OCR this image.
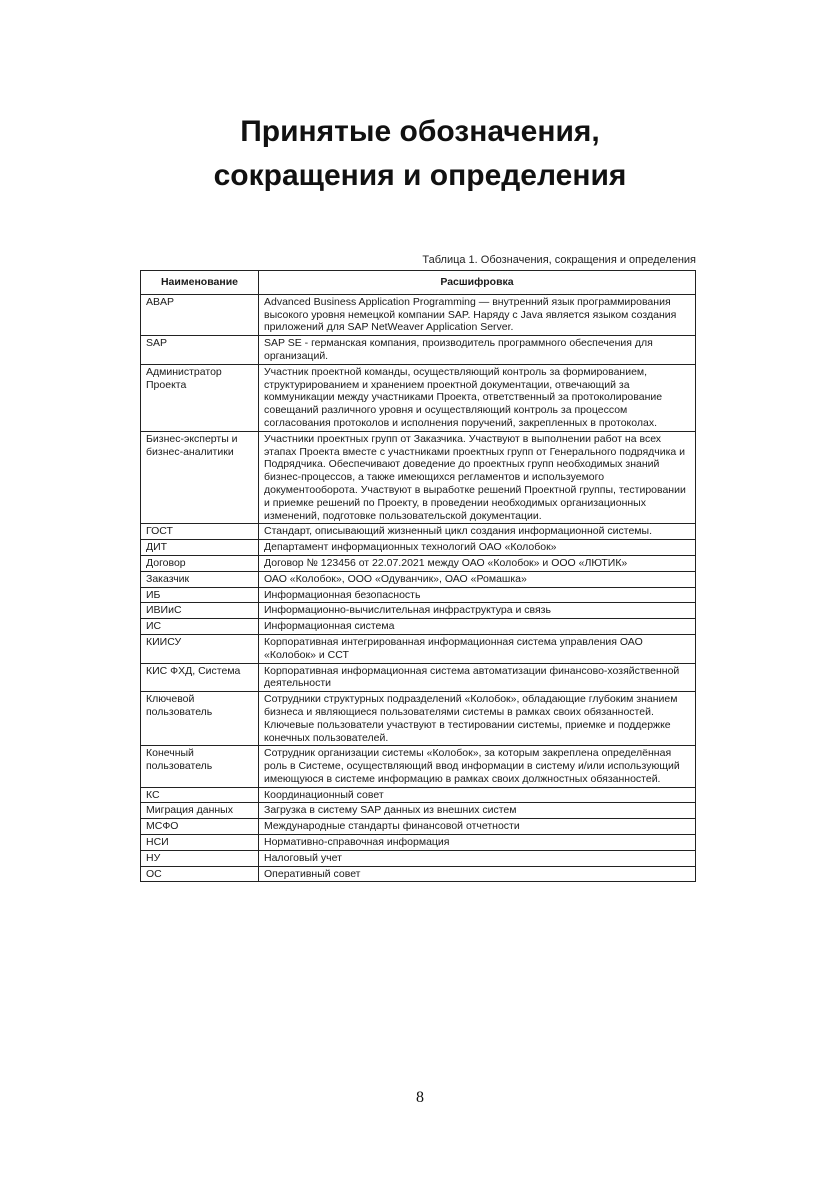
Принятые обозначения,
сокращения и определения
Таблица 1. Обозначения, сокращения и определения
Наименование	Расшифровка
ABAP	Advanced Business Application Programming — внутренний язык программирования высокого уровня немецкой компании SAP. Наряду с Java является языком создания приложений для SAP NetWeaver Application Server.
SAP	SAP SE - германская компания, производитель программного обеспечения для организаций.
Администратор Проекта	Участник проектной команды, осуществляющий контроль за формированием, структурированием и хранением проектной документации, отвечающий за коммуникации между участниками Проекта, ответственный за протоколирование совещаний различного уровня и осуществляющий контроль за процессом согласования протоколов и исполнения поручений, закрепленных в протоколах.
Бизнес-эксперты и бизнес-аналитики	Участники проектных групп от Заказчика. Участвуют в выполнении работ на всех этапах Проекта вместе с участниками проектных групп от Генерального подрядчика и Подрядчика. Обеспечивают доведение до проектных групп необходимых знаний бизнес-процессов, а также имеющихся регламентов и используемого документооборота. Участвуют в выработке решений Проектной группы, тестировании и приемке решений по Проекту, в проведении необходимых организационных изменений, подготовке пользовательской документации.
ГОСТ	Стандарт, описывающий жизненный цикл создания информационной системы.
ДИТ	Департамент информационных технологий ОАО «Колобок»
Договор	Договор № 123456 от 22.07.2021 между ОАО «Колобок» и ООО «ЛЮТИК»
Заказчик	ОАО «Колобок», ООО «Одуванчик», ОАО «Ромашка»
ИБ	Информационная безопасность
ИВИиС	Информационно-вычислительная инфраструктура и связь
ИС	Информационная система
КИИСУ	Корпоративная интегрированная информационная система управления ОАО «Колобок» и ССТ
КИС ФХД, Система	Корпоративная информационная система автоматизации финансово-хозяйственной деятельности
Ключевой пользователь	Сотрудники структурных подразделений «Колобок», обладающие глубоким знанием бизнеса и являющиеся пользователями системы в рамках своих обязанностей. Ключевые пользователи участвуют в тестировании системы, приемке и поддержке конечных пользователей.
Конечный пользователь	Сотрудник организации системы «Колобок», за которым закреплена определённая роль в Системе, осуществляющий ввод информации в систему и/или использующий имеющуюся в системе информацию в рамках своих должностных обязанностей.
КС	Координационный совет
Миграция данных	Загрузка в систему SAP данных из внешних систем
МСФО	Международные стандарты финансовой отчетности
НСИ	Нормативно-справочная информация
НУ	Налоговый учет
ОС	Оперативный совет
8
